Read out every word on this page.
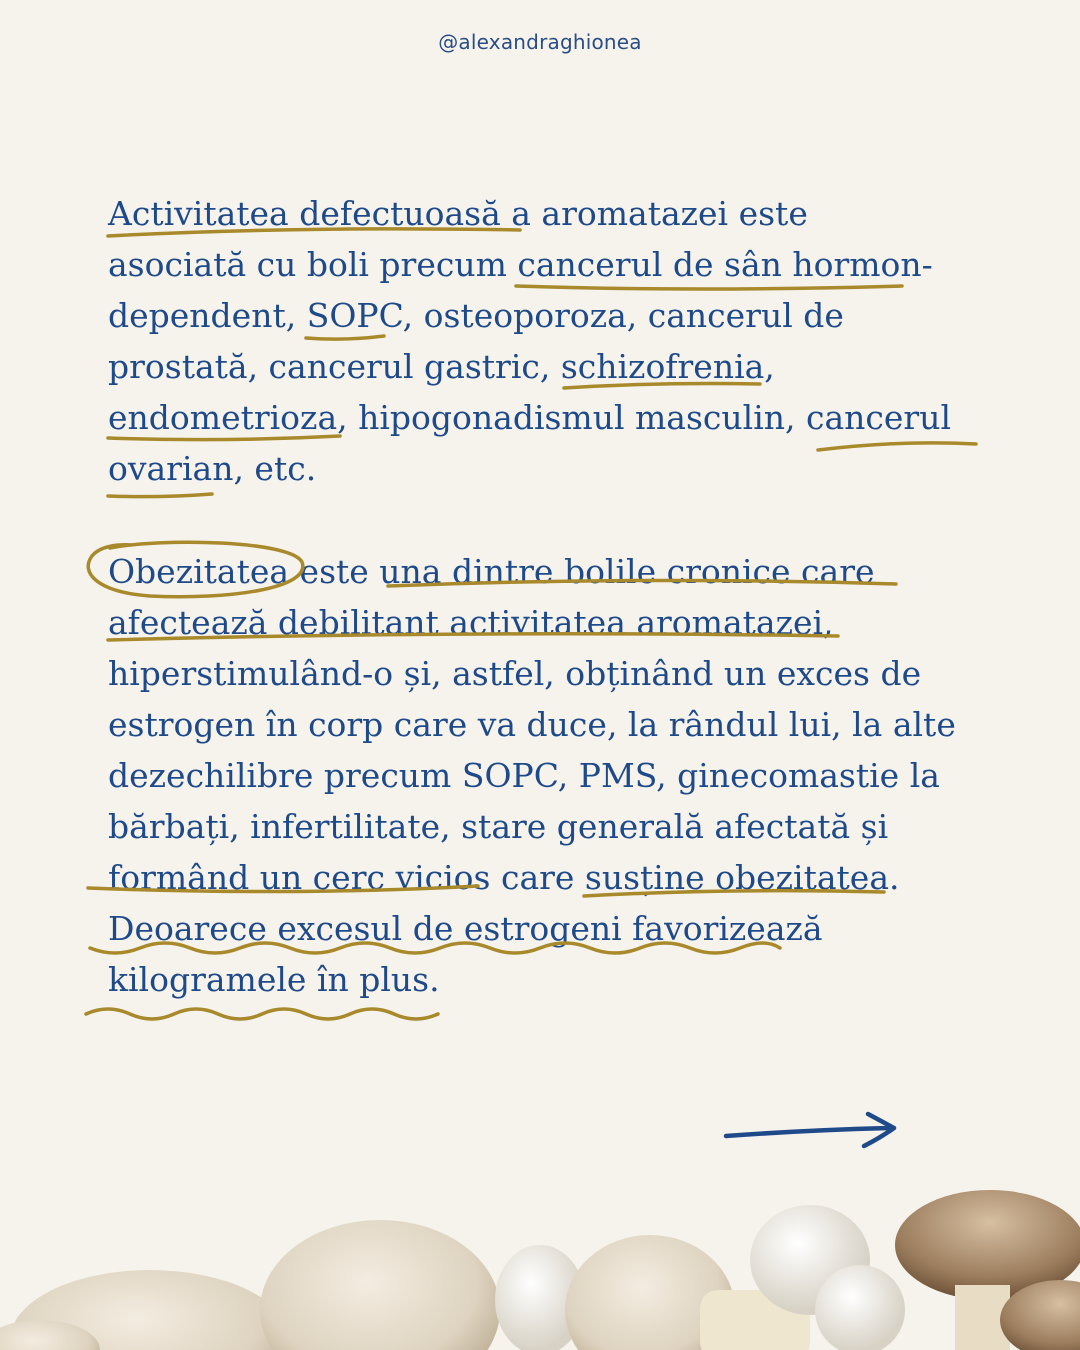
@alexandraghionea
Activitatea defectuoasă a aromatazei este
asociată cu boli precum cancerul de sân hormon-
dependent, SOPC, osteoporoza, cancerul de
prostată, cancerul gastric, schizofrenia,
endometrioza, hipogonadismul masculin, cancerul
ovarian, etc.
Obezitatea este una dintre bolile cronice care
afectează debilitant activitatea aromatazei,
hiperstimulând-o și, astfel, obținând un exces de
estrogen în corp care va duce, la rândul lui, la alte
dezechilibre precum SOPC, PMS, ginecomastie la
bărbați, infertilitate, stare generală afectată și
formând un cerc vicios care susține obezitatea.
Deoarece excesul de estrogeni favorizează
kilogramele în plus.
